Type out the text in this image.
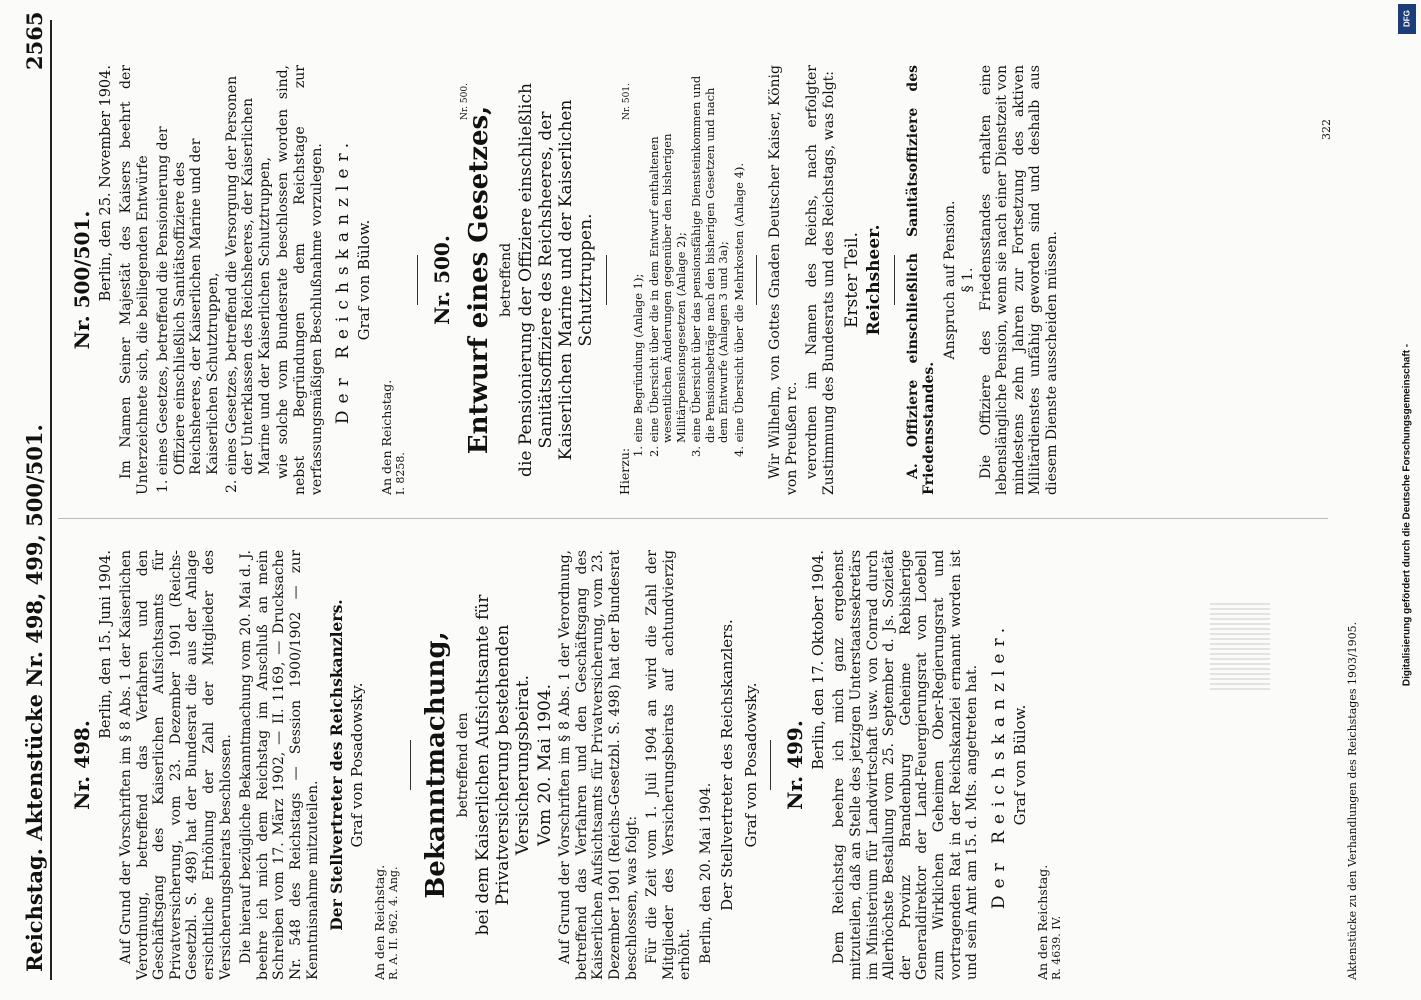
Reichstag. Aktenstücke Nr. 498, 499, 500/501.
2565

Nr. 498.

Berlin, den 15. Juni 1904. Auf Grund der Vorschriften im § 8 Abs. 1 der Kaiserlichen Verordnung, betreffend das Verfahren und den Geschäftsgang des Kaiserlichen Aufsichtsamts für Privatversicherung, vom 23. Dezember 1901 (Reichs-Gesetzbl. S. 498) hat der Bundesrat die aus der Anlage ersichtliche Erhöhung der Zahl der Mitglieder des Versicherungsbeirats beschlossen. Die hierauf bezügliche Bekanntmachung vom 20. Mai d. J. beehre ich mich dem Reichstag im Anschluß an mein Schreiben vom 17. März 1902, — II. 1169, — Drucksache Nr. 548 des Reichstags — Session 1900/1902 — zur Kenntnisnahme mitzuteilen. Der Stellvertreter des Reichskanzlers. Graf von Posadowsky.

An den Reichstag. R. A. II. 962. 4. Ang.

Bekanntmachung, betreffend den bei dem Kaiserlichen Aufsichtsamte für Privatversicherung bestehenden Versicherungsbeirat. Vom 20. Mai 1904. Auf Grund der Vorschriften im § 8 Abs. 1 der Verordnung, betreffend das Verfahren und den Geschäftsgang des Kaiserlichen Aufsichtsamts für Privatversicherung, vom 23. Dezember 1901 (Reichs-Gesetzbl. S. 498) hat der Bundesrat beschlossen, was folgt: Für die Zeit vom 1. Juli 1904 an wird die Zahl der Mitglieder des Versicherungsbeirats auf achtundvierzig erhöht. Berlin, den 20. Mai 1904. Der Stellvertreter des Reichskanzlers. Graf von Posadowsky. Nr. 499. Berlin, den 17. Oktober 1904. Dem Reichstag beehre ich mich ganz ergebenst mitzuteilen, daß an Stelle des jetzigen Unterstaatssekretärs im Ministerium für Landwirtschaft usw. von Conrad durch Allerhöchste Bestallung vom 25. September d. Js. Sozietät der Provinz Brandenburg Geheime Rebisherige Generaldirektor der Land-Feuergierungsrat von Loebell zum Wirklichen Geheimen Ober-Regierungsrat und vortragenden Rat in der Reichskanzlei ernannt worden ist und sein Amt am 15. d. Mts. angetreten hat. Der Reichskanzler. Graf von Bülow.

An den Reichstag. R. 4639. IV.

Nr. 500/501. Berlin, den 25. November 1904. Im Namen Seiner Majestät des Kaisers beehrt der Unterzeichnete sich, die beiliegenden Entwürfe 1. eines Gesetzes, betreffend die Pensionierung der Offiziere einschließlich Sanitätsoffiziere des Reichsheeres, der Kaiserlichen Marine und der Kaiserlichen Schutztruppen, 2. eines Gesetzes, betreffend die Versorgung der Personen der Unterklassen des Reichsheeres, der Kaiserlichen Marine und der Kaiserlichen Schutztruppen, wie solche vom Bundesrate beschlossen worden sind, nebst Begründungen dem Reichstage zur verfassungsmäßigen Beschlußnahme vorzulegen. Der Reichskanzler. Graf von Bülow.

An den Reichstag. I. 8258.

Nr. 500. Entwurf eines Gesetzes, betreffend die Pensionierung der Offiziere einschließlich Sanitätsoffiziere des Reichsheeres, der Kaiserlichen Marine und der Kaiserlichen Schutztruppen.

Hierzu:

1. eine Begründung (Anlage 1); 2. eine Übersicht über die in dem Entwurf enthaltenen wesentlichen Änderungen gegenüber den bisherigen Militärpensionsgesetzen (Anlage 2); 3. eine Übersicht über das pensionsfähige Diensteinkommen und die Pensionsbeträge nach den bisherigen Gesetzen und nach dem Entwurfe (Anlagen 3 und 3a); 4. eine Übersicht über die Mehrkosten (Anlage 4). Wir Wilhelm, von Gottes Gnaden Deutscher Kaiser, König von Preußen rc. verordnen im Namen des Reichs, nach erfolgter Zustimmung des Bundesrats und des Reichstags, was folgt: Erster Teil. Reichsheer. A. Offiziere einschließlich Sanitätsoffiziere des Friedensstandes.

Anspruch auf Pension. § 1. Die Offiziere des Friedensstandes erhalten eine lebenslängliche Pension, wenn sie nach einer Dienstzeit von mindestens zehn Jahren zur Fortsetzung des aktiven Militärdienstes unfähig geworden sind und deshalb aus diesem Dienste ausscheiden müssen.

Aktenstücke zu den Verhandlungen des Reichstages 1903/1905.
322
Nr. 500.	Nr. 501.
Digitalisierung gefördert durch die Deutsche Forschungsgemeinschaft -
DFG
